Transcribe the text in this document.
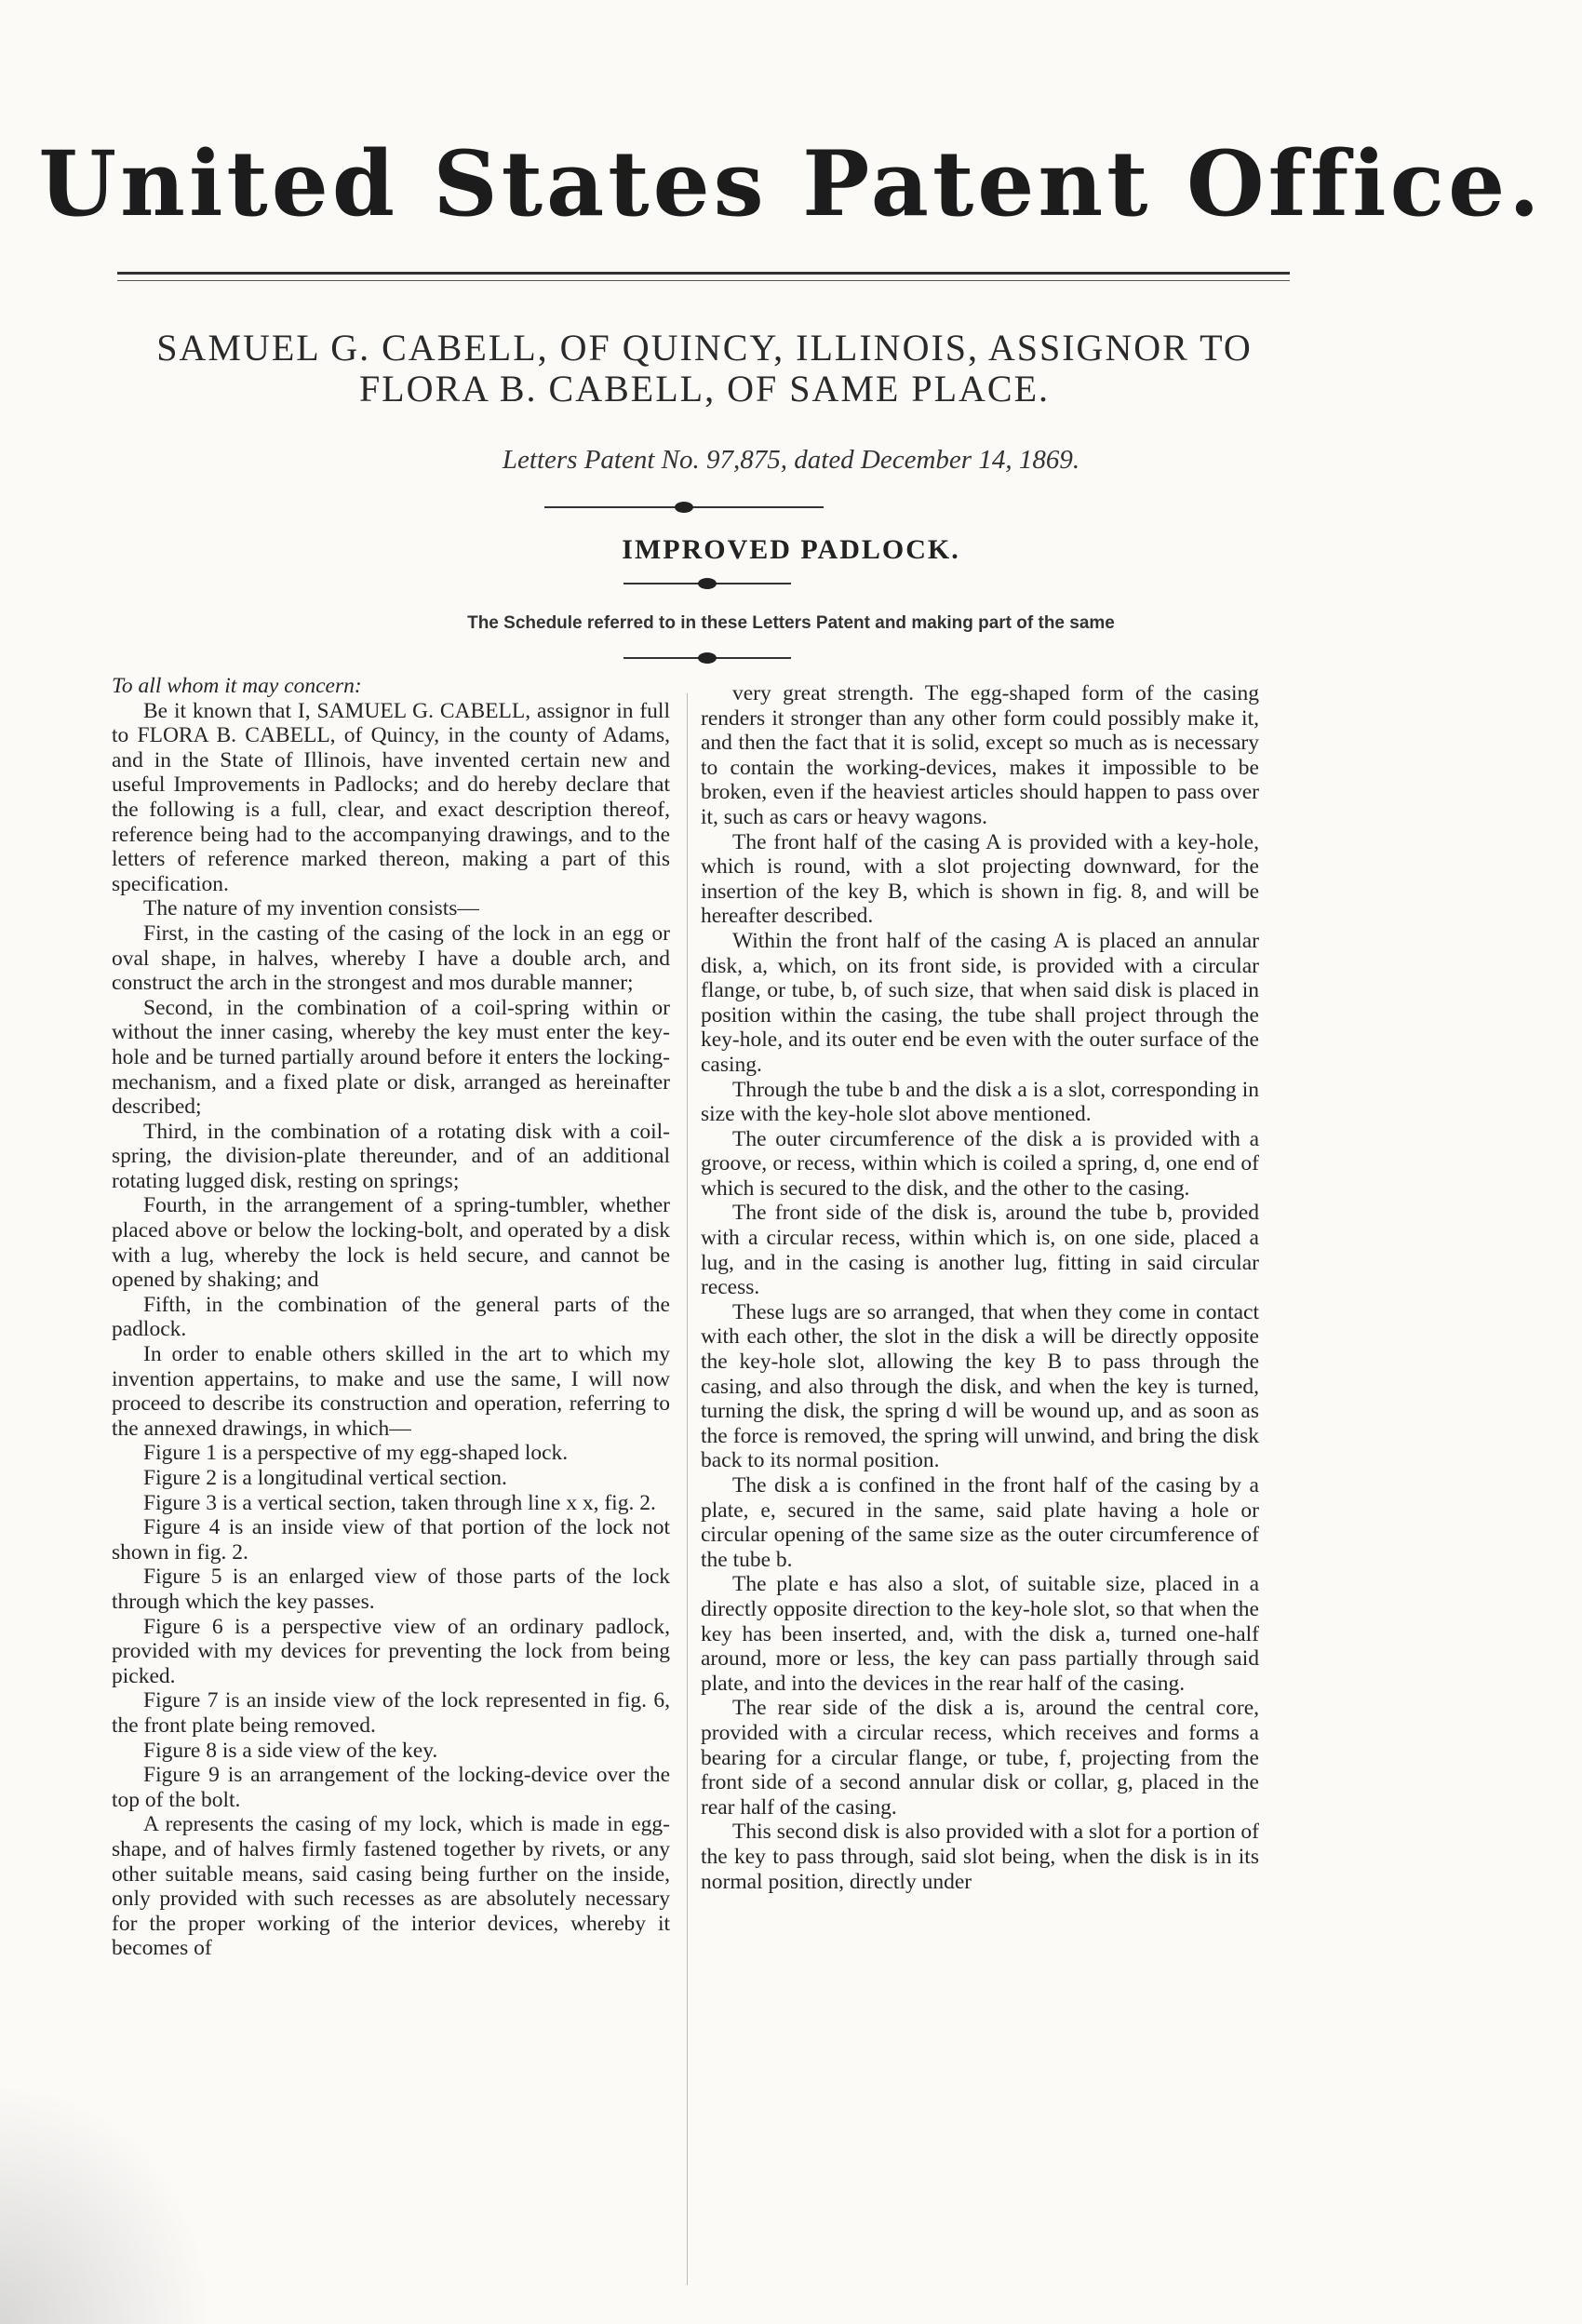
United States Patent Office.
SAMUEL G. CABELL, OF QUINCY, ILLINOIS, ASSIGNOR TO FLORA B. CABELL, OF SAME PLACE.
Letters Patent No. 97,875, dated December 14, 1869.
IMPROVED PADLOCK.
The Schedule referred to in these Letters Patent and making part of the same

To all whom it may concern:

Be it known that I, SAMUEL G. CABELL, assignor in full to FLORA B. CABELL, of Quincy, in the county of Adams, and in the State of Illinois, have invented certain new and useful Improvements in Padlocks; and do hereby declare that the following is a full, clear, and exact description thereof, reference being had to the accompanying drawings, and to the letters of reference marked thereon, making a part of this specification.

The nature of my invention consists—

First, in the casting of the casing of the lock in an egg or oval shape, in halves, whereby I have a double arch, and construct the arch in the strongest and mos durable manner;

Second, in the combination of a coil-spring within or without the inner casing, whereby the key must enter the key-hole and be turned partially around before it enters the locking-mechanism, and a fixed plate or disk, arranged as hereinafter described;

Third, in the combination of a rotating disk with a coil-spring, the division-plate thereunder, and of an additional rotating lugged disk, resting on springs;

Fourth, in the arrangement of a spring-tumbler, whether placed above or below the locking-bolt, and operated by a disk with a lug, whereby the lock is held secure, and cannot be opened by shaking; and

Fifth, in the combination of the general parts of the padlock.

In order to enable others skilled in the art to which my invention appertains, to make and use the same, I will now proceed to describe its construction and operation, referring to the annexed drawings, in which—

Figure 1 is a perspective of my egg-shaped lock.

Figure 2 is a longitudinal vertical section.

Figure 3 is a vertical section, taken through line x x, fig. 2.

Figure 4 is an inside view of that portion of the lock not shown in fig. 2.

Figure 5 is an enlarged view of those parts of the lock through which the key passes.

Figure 6 is a perspective view of an ordinary padlock, provided with my devices for preventing the lock from being picked.

Figure 7 is an inside view of the lock represented in fig. 6, the front plate being removed.

Figure 8 is a side view of the key.

Figure 9 is an arrangement of the locking-device over the top of the bolt.

A represents the casing of my lock, which is made in egg-shape, and of halves firmly fastened together by rivets, or any other suitable means, said casing being further on the inside, only provided with such recesses as are absolutely necessary for the proper working of the interior devices, whereby it becomes of

very great strength. The egg-shaped form of the casing renders it stronger than any other form could possibly make it, and then the fact that it is solid, except so much as is necessary to contain the working-devices, makes it impossible to be broken, even if the heaviest articles should happen to pass over it, such as cars or heavy wagons.

The front half of the casing A is provided with a key-hole, which is round, with a slot projecting downward, for the insertion of the key B, which is shown in fig. 8, and will be hereafter described.

Within the front half of the casing A is placed an annular disk, a, which, on its front side, is provided with a circular flange, or tube, b, of such size, that when said disk is placed in position within the casing, the tube shall project through the key-hole, and its outer end be even with the outer surface of the casing.

Through the tube b and the disk a is a slot, corresponding in size with the key-hole slot above mentioned.

The outer circumference of the disk a is provided with a groove, or recess, within which is coiled a spring, d, one end of which is secured to the disk, and the other to the casing.

The front side of the disk is, around the tube b, provided with a circular recess, within which is, on one side, placed a lug, and in the casing is another lug, fitting in said circular recess.

These lugs are so arranged, that when they come in contact with each other, the slot in the disk a will be directly opposite the key-hole slot, allowing the key B to pass through the casing, and also through the disk, and when the key is turned, turning the disk, the spring d will be wound up, and as soon as the force is removed, the spring will unwind, and bring the disk back to its normal position.

The disk a is confined in the front half of the casing by a plate, e, secured in the same, said plate having a hole or circular opening of the same size as the outer circumference of the tube b.

The plate e has also a slot, of suitable size, placed in a directly opposite direction to the key-hole slot, so that when the key has been inserted, and, with the disk a, turned one-half around, more or less, the key can pass partially through said plate, and into the devices in the rear half of the casing.

The rear side of the disk a is, around the central core, provided with a circular recess, which receives and forms a bearing for a circular flange, or tube, f, projecting from the front side of a second annular disk or collar, g, placed in the rear half of the casing.

This second disk is also provided with a slot for a portion of the key to pass through, said slot being, when the disk is in its normal position, directly under
